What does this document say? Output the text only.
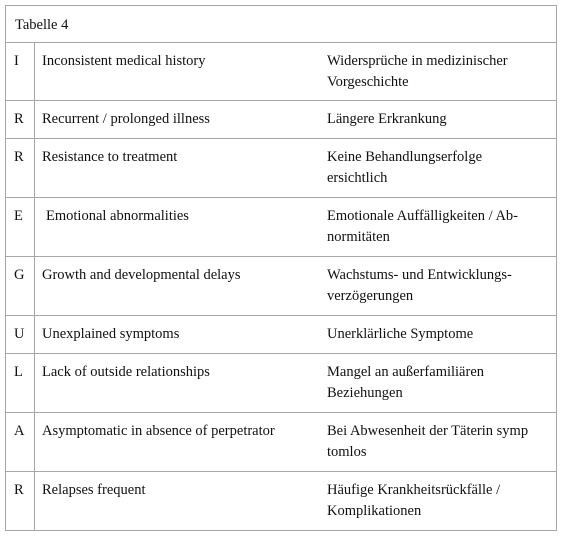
Tabelle 4
I	Inconsistent medical history	Widersprüche in medizinischer
Vorgeschichte
R	Recurrent / prolonged illness	Längere Erkrankung
R	Resistance to treatment	Keine Behandlungserfolge
ersichtlich
E	Emotional abnormalities	Emotionale Auffälligkeiten / Ab-
normitäten
G	Growth and developmental delays	Wachstums- und Entwicklungs-
verzögerungen
U	Unexplained symptoms	Unerklärliche Symptome
L	Lack of outside relationships	Mangel an außerfamiliären
Beziehungen
A	Asymptomatic in absence of perpetrator	Bei Abwesenheit der Täterin symp
tomlos
R	Relapses frequent	Häufige Krankheitsrückfälle /
Komplikationen
